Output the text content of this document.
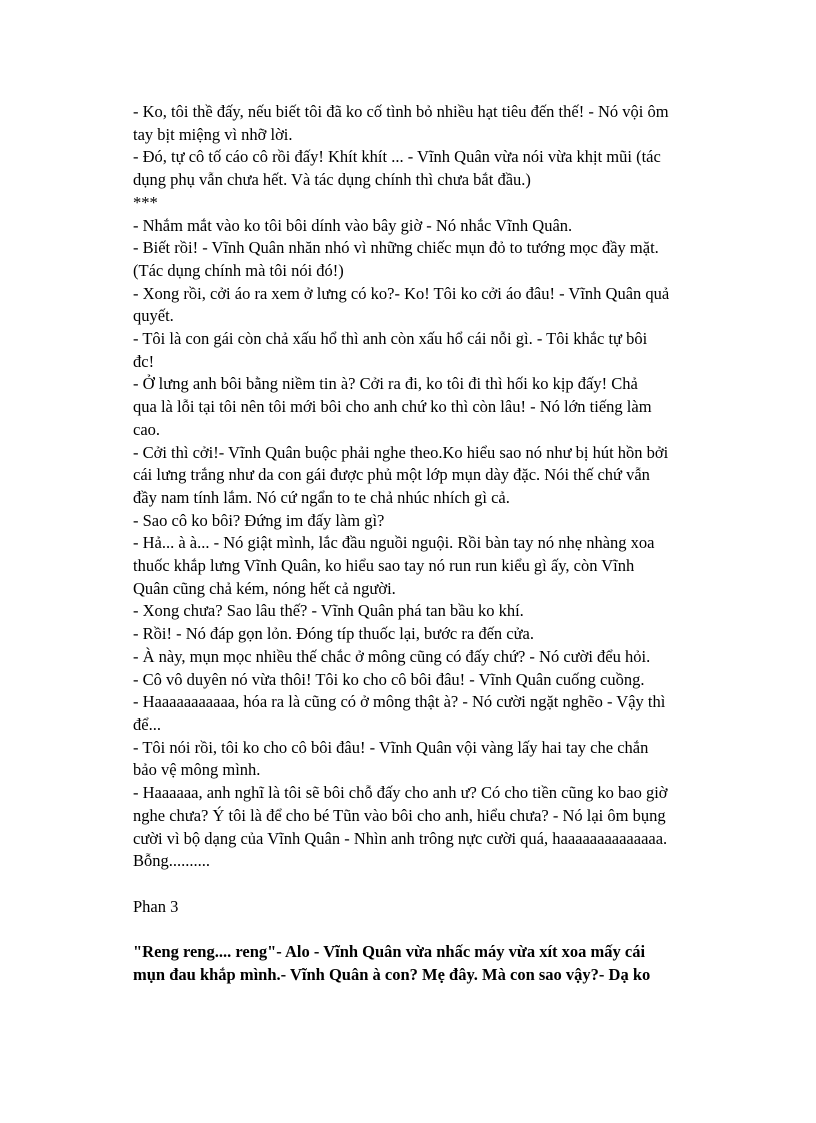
- Ko, tôi thề đấy, nếu biết tôi đã ko cố tình bỏ nhiều hạt tiêu đến thế! - Nó vội ôm
tay bịt miệng vì nhỡ lời.
- Đó, tự cô tố cáo cô rồi đấy! Khít khít ... - Vĩnh Quân vừa nói vừa khịt mũi (tác
dụng phụ vẫn chưa hết. Và tác dụng chính thì chưa bắt đầu.)
***
- Nhắm mắt vào ko tôi bôi dính vào bây giờ - Nó nhắc Vĩnh Quân.
- Biết rồi! - Vĩnh Quân nhăn nhó vì những chiếc mụn đỏ to tướng mọc đầy mặt.
(Tác dụng chính mà tôi nói đó!)
- Xong rồi, cởi áo ra xem ở lưng có ko?- Ko! Tôi ko cởi áo đâu! - Vĩnh Quân quả
quyết.
- Tôi là con gái còn chả xấu hổ thì anh còn xấu hổ cái nỗi gì. - Tôi khắc tự bôi
đc!
- Ở lưng anh bôi bằng niềm tin à? Cởi ra đi, ko tôi đi thì hối ko kịp đấy! Chả
qua là lỗi tại tôi nên tôi mới bôi cho anh chứ ko thì còn lâu! - Nó lớn tiếng làm
cao.
- Cởi thì cởi!- Vĩnh Quân buộc phải nghe theo.Ko hiểu sao nó như bị hút hồn bởi
cái lưng trắng như da con gái được phủ một lớp mụn dày đặc. Nói thế chứ vẫn
đầy nam tính lắm. Nó cứ ngẩn to te chả nhúc nhích gì cả.
- Sao cô ko bôi? Đứng im đấy làm gì?
- Hả... à à... - Nó giật mình, lắc đầu nguồi nguội. Rồi bàn tay nó nhẹ nhàng xoa
thuốc khắp lưng Vĩnh Quân, ko hiểu sao tay nó run run kiểu gì ấy, còn Vĩnh
Quân cũng chả kém, nóng hết cả người.
- Xong chưa? Sao lâu thế? - Vĩnh Quân phá tan bầu ko khí.
- Rồi! - Nó đáp gọn lỏn. Đóng típ thuốc lại, bước ra đến cửa.
- À này, mụn mọc nhiều thế chắc ở mông cũng có đấy chứ? - Nó cười đểu hỏi.
- Cô vô duyên nó vừa thôi! Tôi ko cho cô bôi đâu! - Vĩnh Quân cuống cuồng.
- Haaaaaaaaaaa, hóa ra là cũng có ở mông thật à? - Nó cười ngặt nghẽo - Vậy thì
để...
- Tôi nói rồi, tôi ko cho cô bôi đâu! - Vĩnh Quân vội vàng lấy hai tay che chắn
bảo vệ mông mình.
- Haaaaaa, anh nghĩ là tôi sẽ bôi chỗ đấy cho anh ư? Có cho tiền cũng ko bao giờ
nghe chưa? Ý tôi là để cho bé Tũn vào bôi cho anh, hiểu chưa? - Nó lại ôm bụng
cười vì bộ dạng của Vĩnh Quân - Nhìn anh trông nực cười quá, haaaaaaaaaaaaaa.
Bỗng..........
Phan 3
"Reng reng.... reng"- Alo - Vĩnh Quân vừa nhấc máy vừa xít xoa mấy cái
mụn đau khắp mình.- Vĩnh Quân à con? Mẹ đây. Mà con sao vậy?- Dạ ko
